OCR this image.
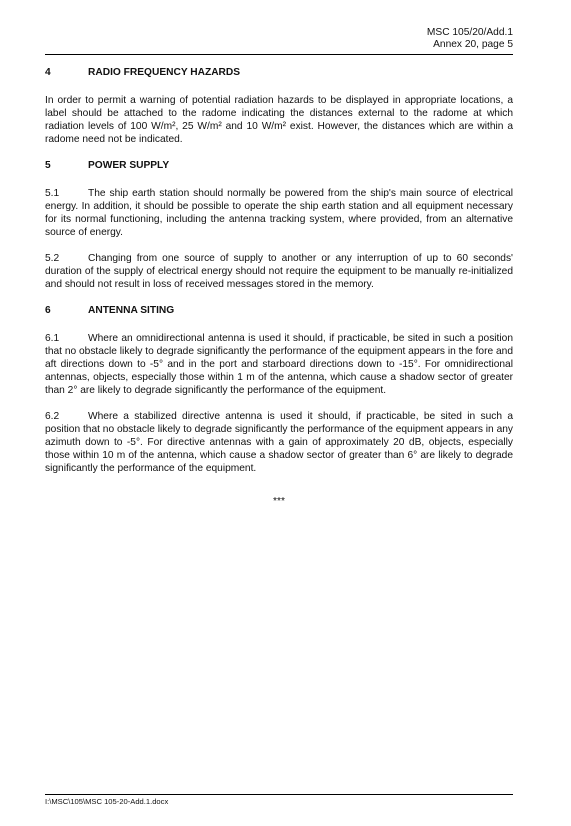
MSC 105/20/Add.1
Annex 20, page 5
4	RADIO FREQUENCY HAZARDS

In order to permit a warning of potential radiation hazards to be displayed in appropriate locations, a label should be attached to the radome indicating the distances external to the radome at which radiation levels of 100 W/m², 25 W/m² and 10 W/m² exist. However, the distances which are within a radome need not be indicated.

5	POWER SUPPLY

5.1	The ship earth station should normally be powered from the ship's main source of electrical energy. In addition, it should be possible to operate the ship earth station and all equipment necessary for its normal functioning, including the antenna tracking system, where provided, from an alternative source of energy.

5.2	Changing from one source of supply to another or any interruption of up to 60 seconds' duration of the supply of electrical energy should not require the equipment to be manually re-initialized and should not result in loss of received messages stored in the memory.

6	ANTENNA SITING

6.1	Where an omnidirectional antenna is used it should, if practicable, be sited in such a position that no obstacle likely to degrade significantly the performance of the equipment appears in the fore and aft directions down to -5° and in the port and starboard directions down to -15°. For omnidirectional antennas, objects, especially those within 1 m of the antenna, which cause a shadow sector of greater than 2° are likely to degrade significantly the performance of the equipment.

6.2	Where a stabilized directive antenna is used it should, if practicable, be sited in such a position that no obstacle likely to degrade significantly the performance of the equipment appears in any azimuth down to -5°. For directive antennas with a gain of approximately 20 dB, objects, especially those within 10 m of the antenna, which cause a shadow sector of greater than 6° are likely to degrade significantly the performance of the equipment.

***
I:\MSC\105\MSC 105-20-Add.1.docx
